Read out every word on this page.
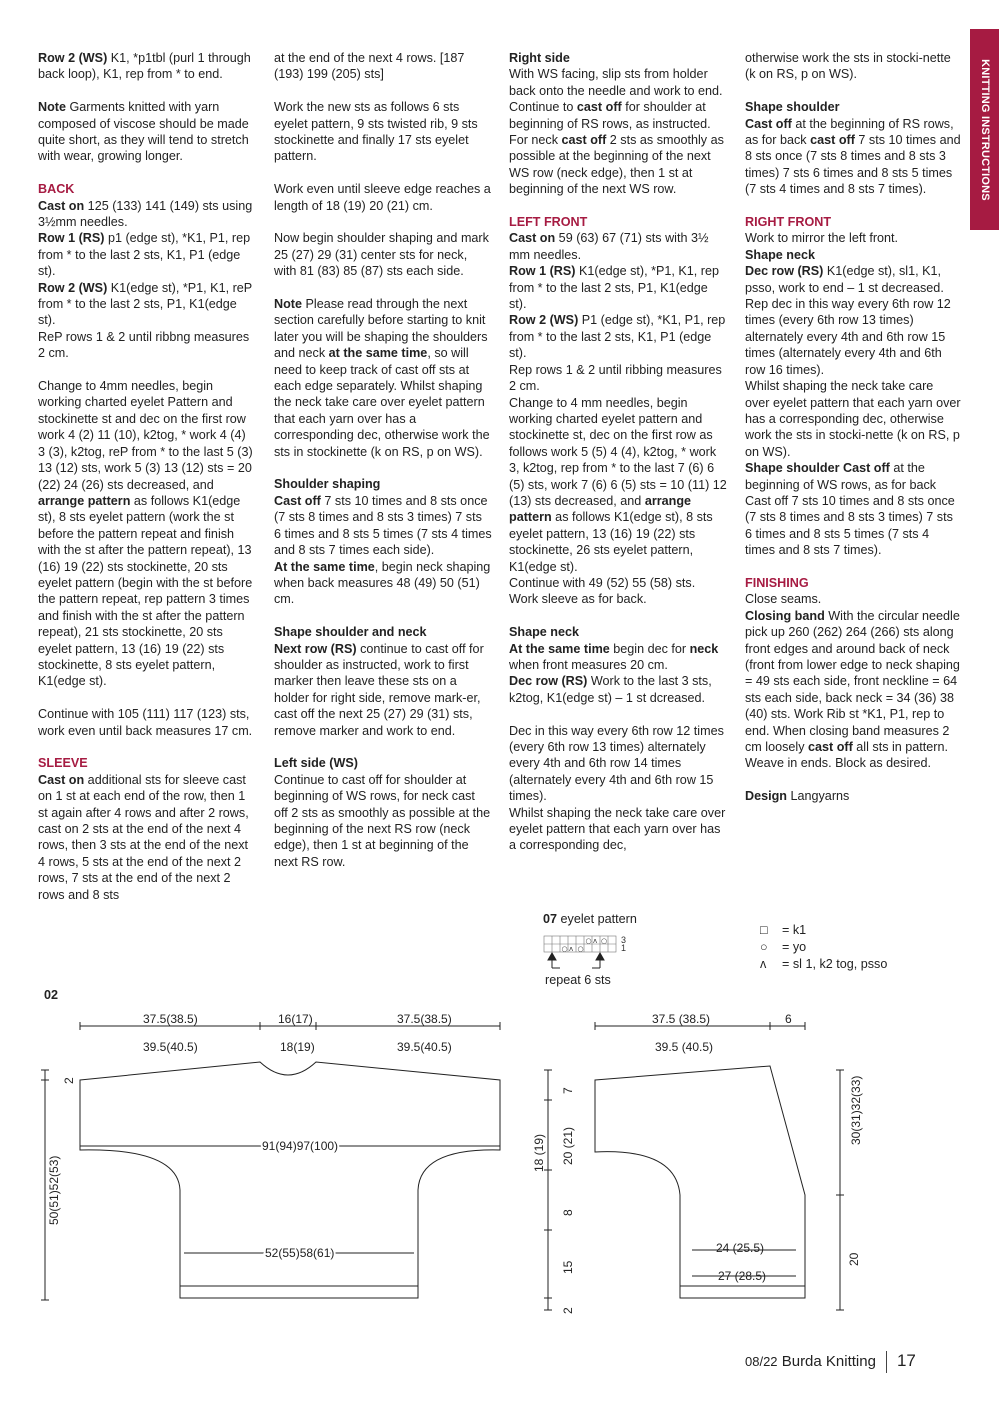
KNITTING INSTRUCTIONS

Row 2 (WS) K1, *p1tbl (purl 1 through back loop), K1, rep from * to end.

Note Garments knitted with yarn composed of viscose should be made quite short, as they will tend to stretch with wear, growing longer.

BACK
Cast on 125 (133) 141 (149) sts using 3½mm needles.
Row 1 (RS) p1 (edge st), *K1, P1, rep from * to the last 2 sts, K1, P1 (edge st).
Row 2 (WS) K1(edge st), *P1, K1, reP from * to the last 2 sts, P1, K1(edge st).
ReP rows 1 & 2 until ribbng measures 2 cm.

Change to 4mm needles, begin working charted eyelet Pattern and stockinette st and dec on the first row work 4 (2) 11 (10), k2tog, * work 4 (4) 3 (3), k2tog, reP from * to the last 5 (3) 13 (12) sts, work 5 (3) 13 (12) sts = 20 (22) 24 (26) sts decreased, and arrange pattern as follows K1(edge st), 8 sts eyelet pattern (work the st before the pattern repeat and finish with the st after the pattern repeat), 13 (16) 19 (22) sts stockinette, 20 sts eyelet pattern (begin with the st before the pattern repeat, rep pattern 3 times and finish with the st after the pattern repeat), 21 sts stockinette, 20 sts eyelet pattern, 13 (16) 19 (22) sts stockinette, 8 sts eyelet pattern, K1(edge st).

Continue with 105 (111) 117 (123) sts, work even until back measures 17 cm.

SLEEVE
Cast on additional sts for sleeve cast on 1 st at each end of the row, then 1 st again after 4 rows and after 2 rows, cast on 2 sts at the end of the next 4 rows, then 3 sts at the end of the next 4 rows, 5 sts at the end of the next 2 rows, 7 sts at the end of the next 2 rows and 8 sts

at the end of the next 4 rows. [187 (193) 199 (205) sts]

Work the new sts as follows 6 sts eyelet pattern, 9 sts twisted rib, 9 sts stockinette and finally 17 sts eyelet pattern.

Work even until sleeve edge reaches a length of 18 (19) 20 (21) cm.

Now begin shoulder shaping and mark 25 (27) 29 (31) center sts for neck, with 81 (83) 85 (87) sts each side.

Note Please read through the next section carefully before starting to knit later you will be shaping the shoulders and neck at the same time, so will need to keep track of cast off sts at each edge separately. Whilst shaping the neck take care over eyelet pattern that each yarn over has a corresponding dec, otherwise work the sts in stockinette (k on RS, p on WS).

Shoulder shaping
Cast off 7 sts 10 times and 8 sts once (7 sts 8 times and 8 sts 3 times) 7 sts 6 times and 8 sts 5 times (7 sts 4 times and 8 sts 7 times each side).
At the same time, begin neck shaping when back measures 48 (49) 50 (51) cm.

Shape shoulder and neck
Next row (RS) continue to cast off for shoulder as instructed, work to first marker then leave these sts on a holder for right side, remove mark-er, cast off the next 25 (27) 29 (31) sts, remove marker and work to end.

Left side (WS)
Continue to cast off for shoulder at beginning of WS rows, for neck cast off 2 sts as smoothly as possible at the beginning of the next RS row (neck edge), then 1 st at beginning of the next RS row.

Right side
With WS facing, slip sts from holder back onto the needle and work to end. Continue to cast off for shoulder at beginning of RS rows, as instructed. For neck cast off 2 sts as smoothly as possible at the beginning of the next WS row (neck edge), then 1 st at beginning of the next WS row.

LEFT FRONT
Cast on 59 (63) 67 (71) sts with 3½ mm needles.
Row 1 (RS) K1(edge st), *P1, K1, rep from * to the last 2 sts, P1, K1(edge st).
Row 2 (WS) P1 (edge st), *K1, P1, rep from * to the last 2 sts, K1, P1 (edge st).
Rep rows 1 & 2 until ribbing measures 2 cm.
Change to 4 mm needles, begin working charted eyelet pattern and stockinette st, dec on the first row as follows work 5 (5) 4 (4), k2tog, * work 3, k2tog, rep from * to the last 7 (6) 6 (5) sts, work 7 (6) 6 (5) sts = 10 (11) 12 (13) sts decreased, and arrange pattern as follows K1(edge st), 8 sts eyelet pattern, 13 (16) 19 (22) sts stockinette, 26 sts eyelet pattern, K1(edge st).
Continue with 49 (52) 55 (58) sts. Work sleeve as for back.

Shape neck
At the same time begin dec for neck when front measures 20 cm.
Dec row (RS) Work to the last 3 sts, k2tog, K1(edge st) – 1 st dcreased.

Dec in this way every 6th row 12 times (every 6th row 13 times) alternately every 4th and 6th row 14 times (alternately every 4th and 6th row 15 times).
Whilst shaping the neck take care over eyelet pattern that each yarn over has a corresponding dec,

otherwise work the sts in stocki-nette (k on RS, p on WS).

Shape shoulder
Cast off at the beginning of RS rows, as for back cast off 7 sts 10 times and 8 sts once (7 sts 8 times and 8 sts 3 times) 7 sts 6 times and 8 sts 5 times (7 sts 4 times and 8 sts 7 times).

RIGHT FRONT
Work to mirror the left front.
Shape neck
Dec row (RS) K1(edge st), sl1, K1, psso, work to end – 1 st decreased.
Rep dec in this way every 6th row 12 times (every 6th row 13 times) alternately every 4th and 6th row 15 times (alternately every 4th and 6th row 16 times).
Whilst shaping the neck take care over eyelet pattern that each yarn over has a corresponding dec, otherwise work the sts in stocki-nette (k on RS, p on WS).
Shape shoulder Cast off at the beginning of WS rows, as for back Cast off 7 sts 10 times and 8 sts once (7 sts 8 times and 8 sts 3 times) 7 sts 6 times and 8 sts 5 times (7 sts 4 times and 8 sts 7 times).

FINISHING
Close seams.
Closing band With the circular needle pick up 260 (262) 264 (266) sts along front edges and around back of neck (front from lower edge to neck shaping = 49 sts each side, front neckline = 64 sts each side, back neck = 34 (36) 38 (40) sts. Work Rib st *K1, P1, rep to end. When closing band measures 2 cm loosely cast off all sts in pattern. Weave in ends. Block as desired.

Design Langyarns

07 eyelet pattern
○ ʌ ○
○ ʌ ○
3
1
repeat 6 sts
□ = k1
○ = yo
ʌ = sl 1, k2 tog, psso
02
37.5(38.5)	16(17)	37.5(38.5)
39.5(40.5)	18(19)	39.5(40.5)
91(94)97(100)
52(55)58(61)
50(51)52(53)
2
37.5 (38.5)	6
39.5 (40.5)
24 (25.5)
27 (28.5)
30(31)32(33)
20
7
18 (19) 20 (21)
8
15
2
08/22 Burda Knitting 17
